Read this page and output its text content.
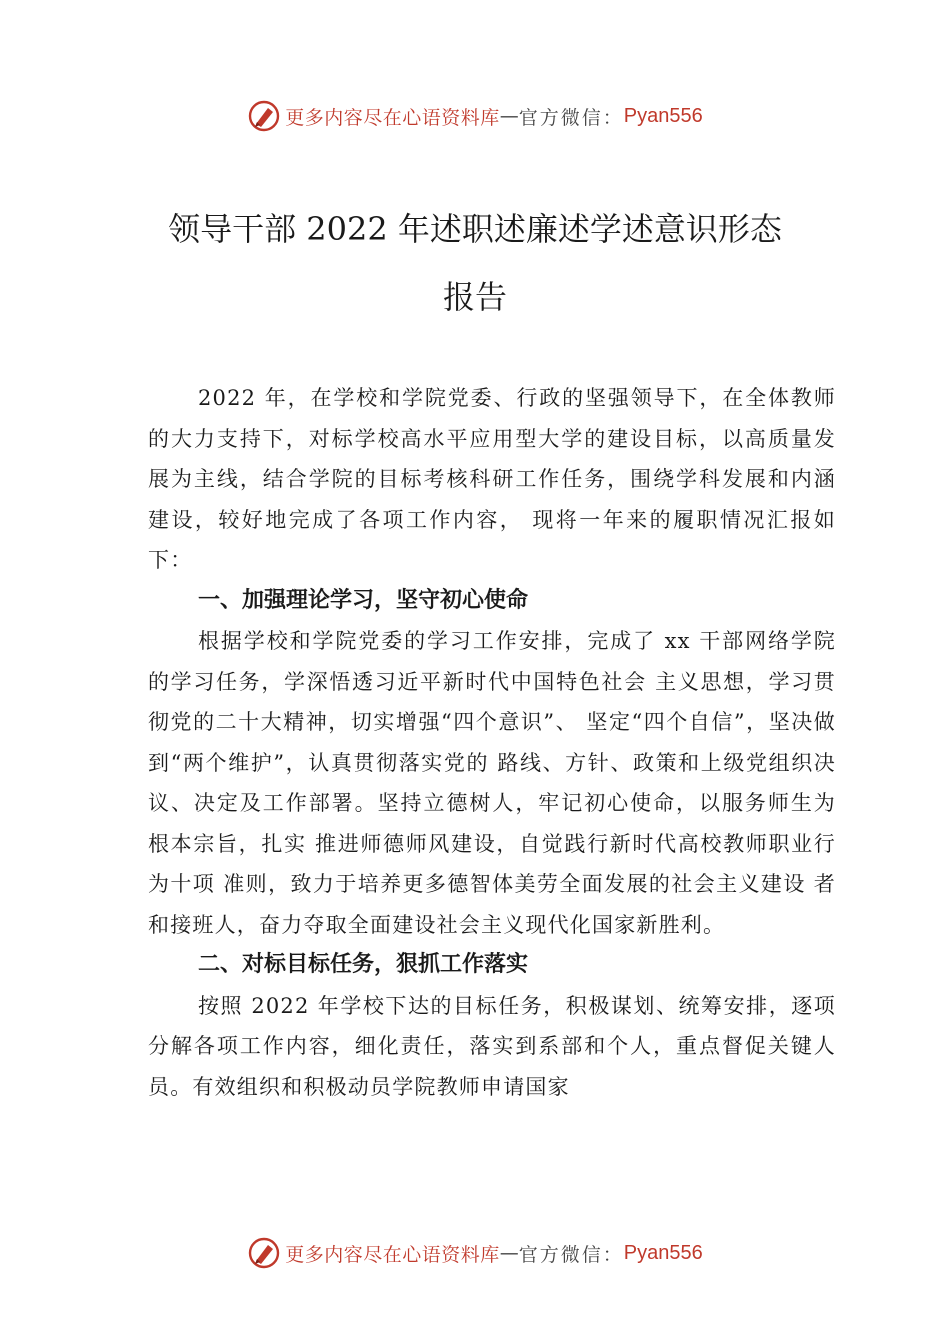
更多内容尽在心语资料库 — 官方微信： Pyan556
领导干部 2022 年述职述廉述学述意识形态
报告

2022 年，在学校和学院党委、行政的坚强领导下，在全体教师的大力支持下，对标学校高水平应用型大学的建设目标，以高质量发展为主线，结合学院的目标考核科研工作任务，围绕学科发展和内涵建设，较好地完成了各项工作内容， 现将一年来的履职情况汇报如下：

一、加强理论学习，坚守初心使命

根据学校和学院党委的学习工作安排，完成了 xx 干部网络学院的学习任务，学深悟透习近平新时代中国特色社会 主义思想，学习贯彻党的二十大精神，切实增强“四个意识”、 坚定“四个自信”，坚决做到“两个维护”，认真贯彻落实党的 路线、方针、政策和上级党组织决议、决定及工作部署。坚持立德树人，牢记初心使命，以服务师生为根本宗旨，扎实 推进师德师风建设，自觉践行新时代高校教师职业行为十项 准则，致力于培养更多德智体美劳全面发展的社会主义建设 者和接班人，奋力夺取全面建设社会主义现代化国家新胜利。

二、对标目标任务，狠抓工作落实

按照 2022 年学校下达的目标任务，积极谋划、统筹安排，逐项分解各项工作内容，细化责任，落实到系部和个人，重点督促关键人员。有效组织和积极动员学院教师申请国家

更多内容尽在心语资料库 — 官方微信： Pyan556
